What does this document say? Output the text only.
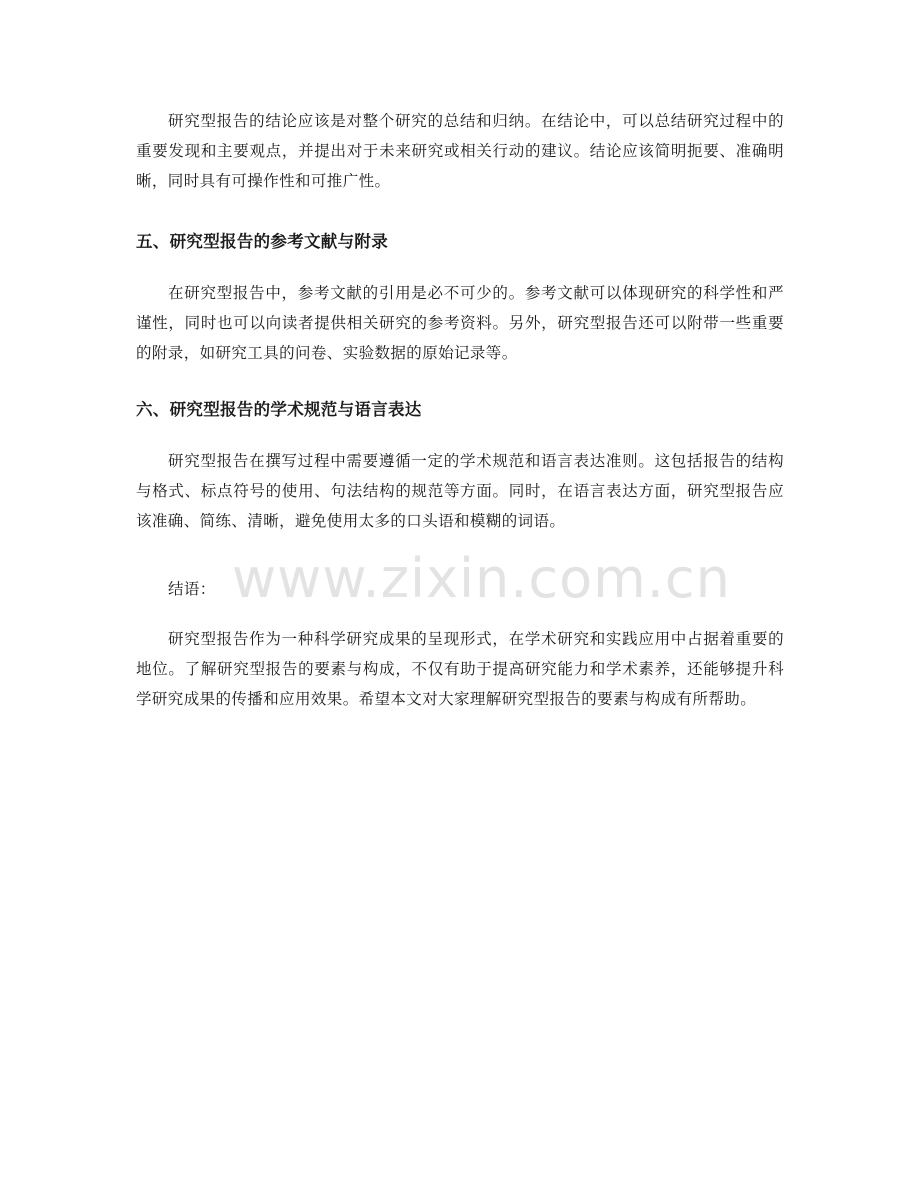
研究型报告的结论应该是对整个研究的总结和归纳。在结论中，可以总结研究过程中的重要发现和主要观点，并提出对于未来研究或相关行动的建议。结论应该简明扼要、准确明晰，同时具有可操作性和可推广性。

五、研究型报告的参考文献与附录

在研究型报告中，参考文献的引用是必不可少的。参考文献可以体现研究的科学性和严谨性，同时也可以向读者提供相关研究的参考资料。另外，研究型报告还可以附带一些重要的附录，如研究工具的问卷、实验数据的原始记录等。

六、研究型报告的学术规范与语言表达

研究型报告在撰写过程中需要遵循一定的学术规范和语言表达准则。这包括报告的结构与格式、标点符号的使用、句法结构的规范等方面。同时，在语言表达方面，研究型报告应该准确、简练、清晰，避免使用太多的口头语和模糊的词语。

结语：

研究型报告作为一种科学研究成果的呈现形式，在学术研究和实践应用中占据着重要的地位。了解研究型报告的要素与构成，不仅有助于提高研究能力和学术素养，还能够提升科学研究成果的传播和应用效果。希望本文对大家理解研究型报告的要素与构成有所帮助。

www.zixin.com.cn
